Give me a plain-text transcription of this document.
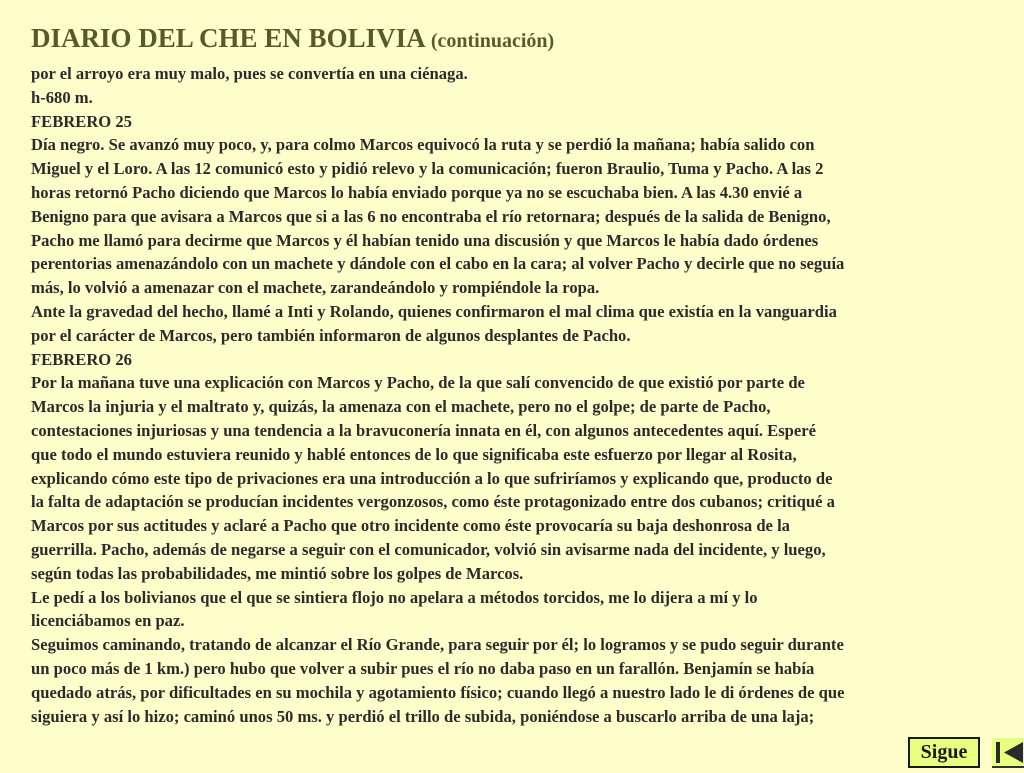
DIARIO DEL CHE EN BOLIVIA (continuación)
por el arroyo era muy malo, pues se convertía en una ciénaga.
h-680 m.
FEBRERO 25
Día negro. Se avanzó muy poco, y, para colmo Marcos equivocó la ruta y se perdió la mañana; había salido con
Miguel y el Loro. A las 12 comunicó esto y pidió relevo y la comunicación; fueron Braulio, Tuma y Pacho. A las 2
horas retornó Pacho diciendo que Marcos lo había enviado porque ya no se escuchaba bien. A las 4.30 envié a
Benigno para que avisara a Marcos que si a las 6 no encontraba el río retornara; después de la salida de Benigno,
Pacho me llamó para decirme que Marcos y él habían tenido una discusión y que Marcos le había dado órdenes
perentorias amenazándolo con un machete y dándole con el cabo en la cara; al volver Pacho y decirle que no seguía
más, lo volvió a amenazar con el machete, zarandeándolo y rompiéndole la ropa.
Ante la gravedad del hecho, llamé a Inti y Rolando, quienes confirmaron el mal clima que existía en la vanguardia
por el carácter de Marcos, pero también informaron de algunos desplantes de Pacho.
FEBRERO 26
Por la mañana tuve una explicación con Marcos y Pacho, de la que salí convencido de que existió por parte de
Marcos la injuria y el maltrato y, quizás, la amenaza con el machete, pero no el golpe; de parte de Pacho,
contestaciones injuriosas y una tendencia a la bravuconería innata en él, con algunos antecedentes aquí. Esperé
que todo el mundo estuviera reunido y hablé entonces de lo que significaba este esfuerzo por llegar al Rosita,
explicando cómo este tipo de privaciones era una introducción a lo que sufriríamos y explicando que, producto de
la falta de adaptación se producían incidentes vergonzosos, como éste protagonizado entre dos cubanos; critiqué a
Marcos por sus actitudes y aclaré a Pacho que otro incidente como éste provocaría su baja deshonrosa de la
guerrilla. Pacho, además de negarse a seguir con el comunicador, volvió sin avisarme nada del incidente, y luego,
según todas las probabilidades, me mintió sobre los golpes de Marcos.
Le pedí a los bolivianos que el que se sintiera flojo no apelara a métodos torcidos, me lo dijera a mí y lo
licenciábamos en paz.
Seguimos caminando, tratando de alcanzar el Río Grande, para seguir por él; lo logramos y se pudo seguir durante
un poco más de 1 km.) pero hubo que volver a subir pues el río no daba paso en un farallón. Benjamín se había
quedado atrás, por dificultades en su mochila y agotamiento físico; cuando llegó a nuestro lado le di órdenes de que
siguiera y así lo hizo; caminó unos 50 ms. y perdió el trillo de subida, poniéndose a buscarlo arriba de una laja;
Sigue
